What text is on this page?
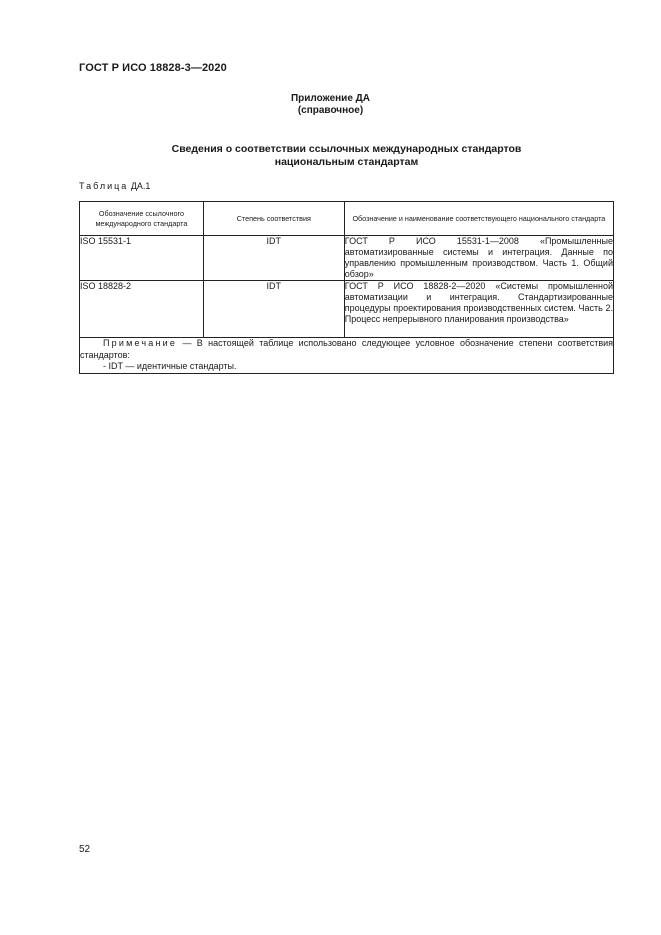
ГОСТ Р ИСО 18828-3—2020
Приложение ДА
(справочное)
Сведения о соответствии ссылочных международных стандартов
национальным стандартам
Таблица ДА.1
Обозначение ссылочного международного стандарта	Степень соответствия	Обозначение и наименование соответствующего национального стандарта
ISO 15531-1	IDT	ГОСТ Р ИСО 15531-1—2008 «Промышленные автоматизированные системы и интеграция. Данные по управлению промышленным производством. Часть 1. Общий обзор»
ISO 18828-2	IDT	ГОСТ Р ИСО 18828-2—2020 «Системы промышленной автоматизации и интеграция. Стандартизированные процедуры проектирования производственных систем. Часть 2. Процесс непрерывного планирования производства»

Примечание — В настоящей таблице использовано следующее условное обозначение степени соответствия стандартов:
- IDT — идентичные стандарты.		
52
